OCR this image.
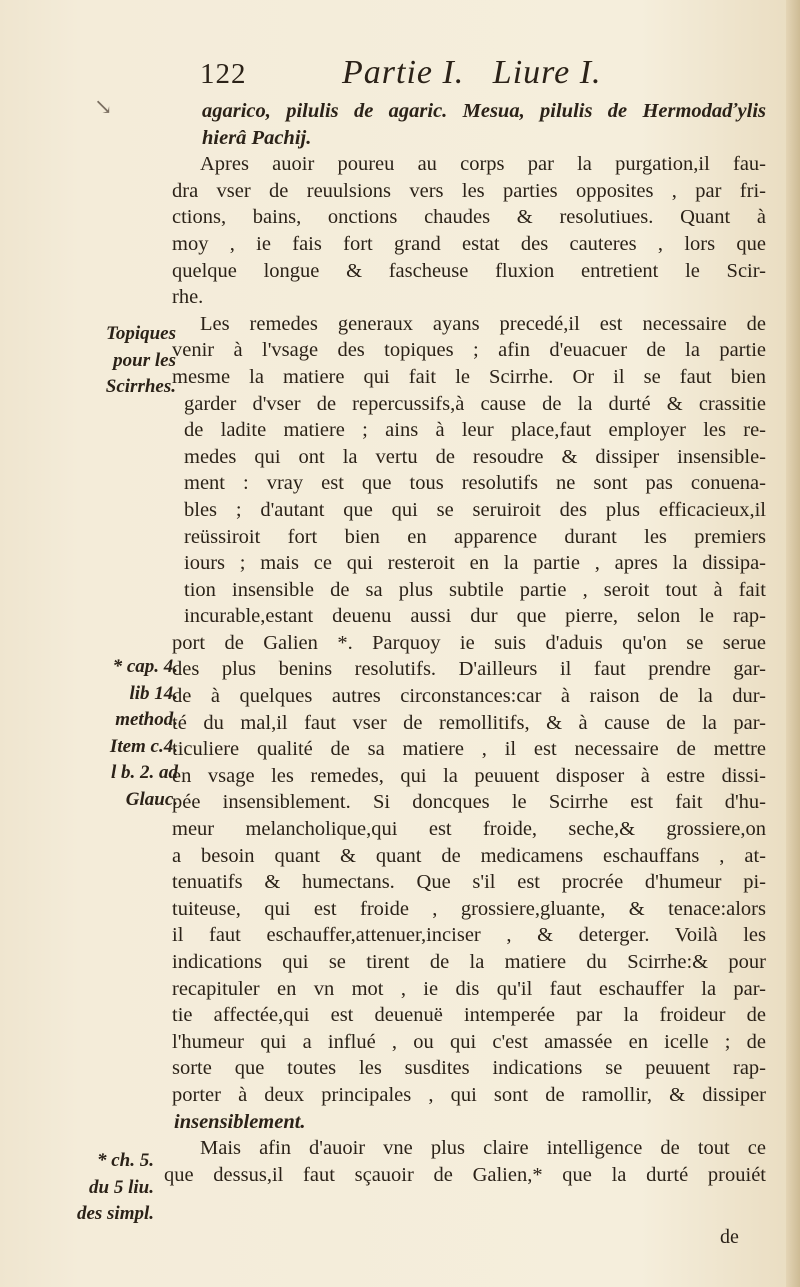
122	Partie I.   Liure I.
↘	agarico, pilulis de agaric. Mesua, pilulis de Hermodaďylis
hierâ Pachij.
Apres auoir poureu au corps par la purgation,il fau-
dra vser de reuulsions vers les parties opposites , par fri-
ctions, bains, onctions chaudes & resolutiues. Quant à
moy , ie fais fort grand estat des cauteres , lors que
quelque longue & fascheuse fluxion entretient le Scir-
rhe.
Les remedes generaux ayans precedé,il est necessaire de
venir à l'vsage des topiques ; afin d'euacuer de la partie
mesme la matiere qui fait le Scirrhe. Or il se faut bien
garder d'vser de repercussifs,à cause de la durté & crassitie
de ladite matiere ; ains à leur place,faut employer les re-
medes qui ont la vertu de resoudre & dissiper insensible-
ment : vray est que tous resolutifs ne sont pas conuena-
bles ; d'autant que qui se seruiroit des plus efficacieux,il
reüssiroit fort bien en apparence durant les premiers
iours ; mais ce qui resteroit en la partie , apres la dissipa-
tion insensible de sa plus subtile partie , seroit tout à fait
incurable,estant deuenu aussi dur que pierre, selon le rap-
port de Galien *. Parquoy ie suis d'aduis qu'on se serue
des plus benins resolutifs. D'ailleurs il faut prendre gar-
de à quelques autres circonstances:car à raison de la dur-
té du mal,il faut vser de remollitifs, & à cause de la par-
ticuliere qualité de sa matiere , il est necessaire de mettre
en vsage les remedes, qui la peuuent disposer à estre dissi-
pée insensiblement. Si doncques le Scirrhe est fait d'hu-
meur melancholique,qui est froide, seche,& grossiere,on
a besoin quant & quant de medicamens eschauffans , at-
tenuatifs & humectans. Que s'il est procrée d'humeur pi-
tuiteuse, qui est froide , grossiere,gluante, & tenace:alors
il faut eschauffer,attenuer,inciser , & deterger. Voilà les
indications qui se tirent de la matiere du Scirrhe:& pour
recapituler en vn mot , ie dis qu'il faut eschauffer la par-
tie affectée,qui est deuenuë intemperée par la froideur de
l'humeur qui a influé , ou qui c'est amassée en icelle ; de
sorte que toutes les susdites indications se peuuent rap-
porter à deux principales , qui sont de ramollir, & dissiper
insensiblement.
Mais afin d'auoir vne plus claire intelligence de tout ce
que dessus,il faut sçauoir de Galien,* que la durté prouiét
Topiques
pour les
Scirrhes.
* cap. 4.
lib 14.
method.
Item c.4.
l b. 2. ad
Glauc.
* ch. 5.
du 5 liu.
des simpl.
de
